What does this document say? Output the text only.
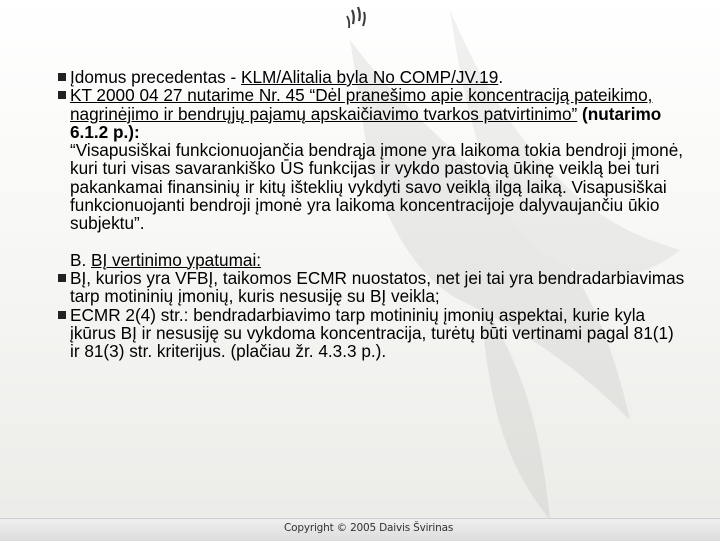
Įdomus precedentas - KLM/Alitalia byla No COMP/JV.19.
KT 2000 04 27 nutarime Nr. 45 “Dėl pranešimo apie koncentraciją pateikimo, nagrinėjimo ir bendrųjų pajamų apskaičiavimo tvarkos patvirtinimo” (nutarimo 6.1.2 p.):
“Visapusiškai funkcionuojančia bendrąja įmone yra laikoma tokia bendroji įmonė, kuri turi visas savarankiško ŪS funkcijas ir vykdo pastovią ūkinę veiklą bei turi pakankamai finansinių ir kitų išteklių vykdyti savo veiklą ilgą laiką. Visapusiškai funkcionuojanti bendroji įmonė yra laikoma koncentracijoje dalyvaujančiu ūkio subjektu”.
B. BĮ vertinimo ypatumai:
BĮ, kurios yra VFBĮ, taikomos ECMR nuostatos, net jei tai yra bendradarbiavimas tarp motininių įmonių, kuris nesusiję su BĮ veikla;
ECMR 2(4) str.: bendradarbiavimo tarp motininių įmonių aspektai, kurie kyla įkūrus BĮ ir nesusiję su vykdoma koncentracija, turėtų būti vertinami pagal 81(1) ir 81(3) str. kriterijus. (plačiau žr. 4.3.3 p.).
Copyright © 2005 Daivis Švirinas
